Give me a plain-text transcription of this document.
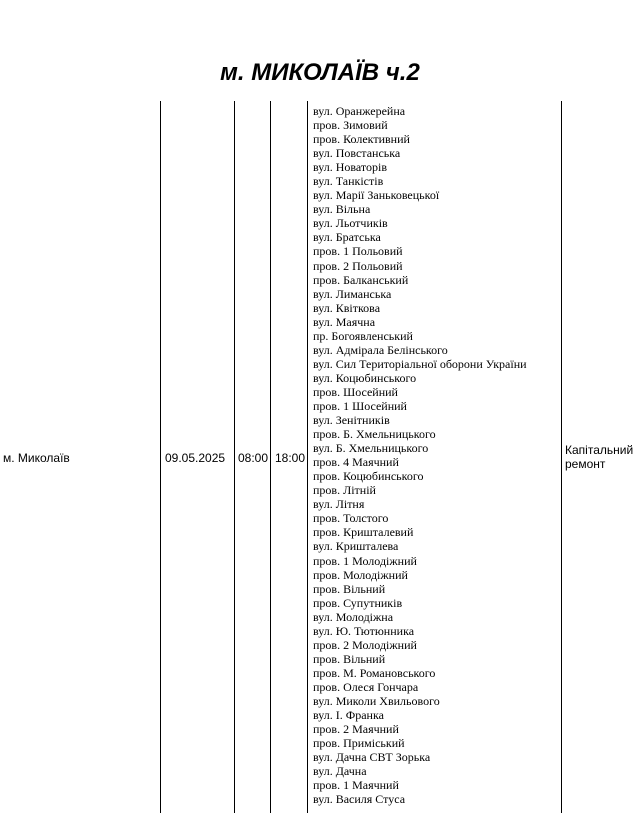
м. МИКОЛАЇВ ч.2
м. Миколаїв	09.05.2025 08:00 18:00
вул. Оранжерейна
пров. Зимовий
пров. Колективний
вул. Повстанська
вул. Новаторів
вул. Танкістів
вул. Марії Заньковецької
вул. Вільна
вул. Льотчиків
вул. Братська
пров. 1 Польовий
пров. 2 Польовий
пров. Балканський
вул. Лиманська
вул. Квіткова
вул. Маячна
пр. Богоявленський
вул. Адмірала Белінського
вул. Сил Територіальної оборони України
вул. Коцюбинського
пров. Шосейний
пров. 1 Шосейний
вул. Зенітників
пров. Б. Хмельницького
вул. Б. Хмельницького
пров. 4 Маячний
пров. Коцюбинського
пров. Літній
вул. Літня
пров. Толстого
пров. Кришталевий
вул. Кришталева
пров. 1 Молодіжний
пров. Молодіжний
пров. Вільний
пров. Супутників
вул. Молодіжна
вул. Ю. Тютюнника
пров. 2 Молодіжний
пров. Вільний
пров. М. Романовського
пров. Олеся Гончара
вул. Миколи Хвильового
вул. І. Франка
пров. 2 Маячний
пров. Приміський
вул. Дачна СВТ Зорька
вул. Дачна
пров. 1 Маячний
вул. Василя Стуса
Капітальний
ремонт
